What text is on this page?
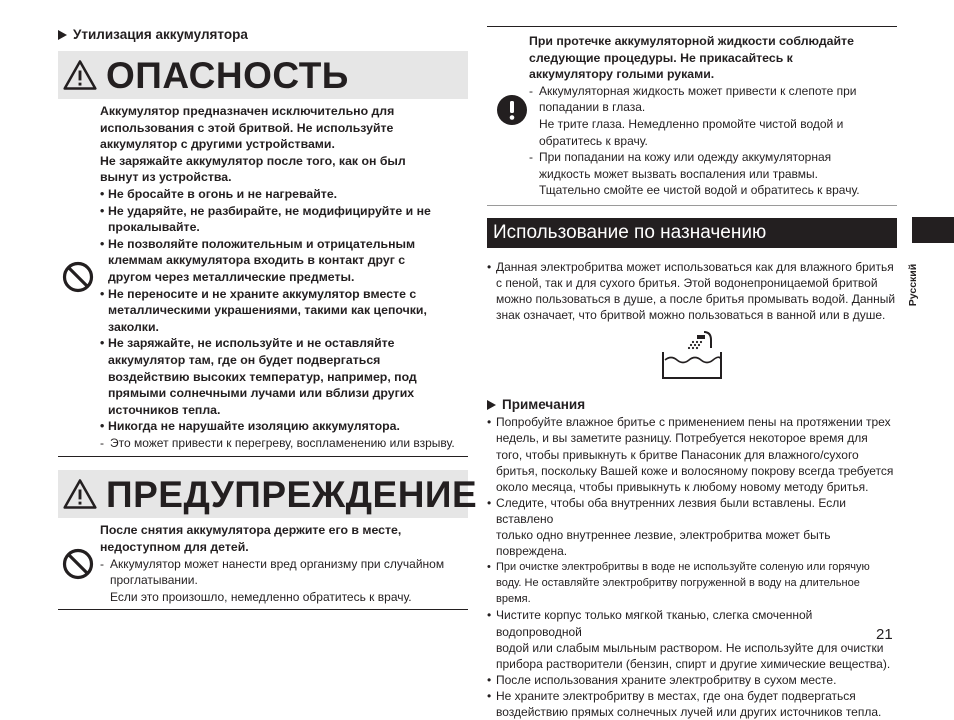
Утилизация аккумулятора
ОПАСНОСТЬ
Аккумулятор предназначен исключительно для
использования с этой бритвой. Не используйте
аккумулятор с другими устройствами.
Не заряжайте аккумулятор после того, как он был
вынут из устройства.
• Не бросайте в огонь и не нагревайте.
• Не ударяйте, не разбирайте, не модифицируйте и не
прокалывайте.
• Не позволяйте положительным и отрицательным
клеммам аккумулятора входить в контакт друг с
другом через металлические предметы.
• Не переносите и не храните аккумулятор вместе с
металлическими украшениями, такими как цепочки,
заколки.
• Не заряжайте, не используйте и не оставляйте
аккумулятор там, где он будет подвергаться
воздействию высоких температур, например, под
прямыми солнечными лучами или вблизи других
источников тепла.
• Никогда не нарушайте изоляцию аккумулятора.
- Это может привести к перегреву, воспламенению или взрыву.
ПРЕДУПРЕЖДЕНИЕ
После снятия аккумулятора держите его в месте,
недоступном для детей.
- Аккумулятор может нанести вред организму при случайном
проглатывании.
Если это произошло, немедленно обратитесь к врачу.
При протечке аккумуляторной жидкости соблюдайте
следующие процедуры. Не прикасайтесь к
аккумулятору голыми руками.
- Аккумуляторная жидкость может привести к слепоте при
попадании в глаза.
Не трите глаза. Немедленно промойте чистой водой и
обратитесь к врачу.
- При попадании на кожу или одежду аккумуляторная
жидкость может вызвать воспаления или травмы.
Тщательно смойте ее чистой водой и обратитесь к врачу.
Использование по назначению
• Данная электробритва может использоваться как для влажного бритья
с пеной, так и для сухого бритья. Этой водонепроницаемой бритвой
можно пользоваться в душе, а после бритья промывать водой. Данный
знак означает, что бритвой можно пользоваться в ванной или в душе.
Примечания
• Попробуйте влажное бритье с применением пены на протяжении трех
недель, и вы заметите разницу. Потребуется некоторое время для
того, чтобы привыкнуть к бритве Панасоник для влажного/сухого
бритья, поскольку Вашей коже и волосяному покрову всегда требуется
около месяца, чтобы привыкнуть к любому новому методу бритья.
• Следите, чтобы оба внутренних лезвия были вставлены. Если вставлено
только одно внутреннее лезвие, электробритва может быть повреждена.
• При очистке электробритвы в воде не используйте соленую или горячую
воду. Не оставляйте электробритву погруженной в воду на длительное время.
• Чистите корпус только мягкой тканью, слегка смоченной водопроводной
водой или слабым мыльным раствором. Не используйте для очистки
прибора растворители (бензин, спирт и другие химические вещества).
• После использования храните электробритву в сухом месте.
• Не храните электробритву в местах, где она будет подвергаться
воздействию прямых солнечных лучей или других источников тепла.
Русский
21
